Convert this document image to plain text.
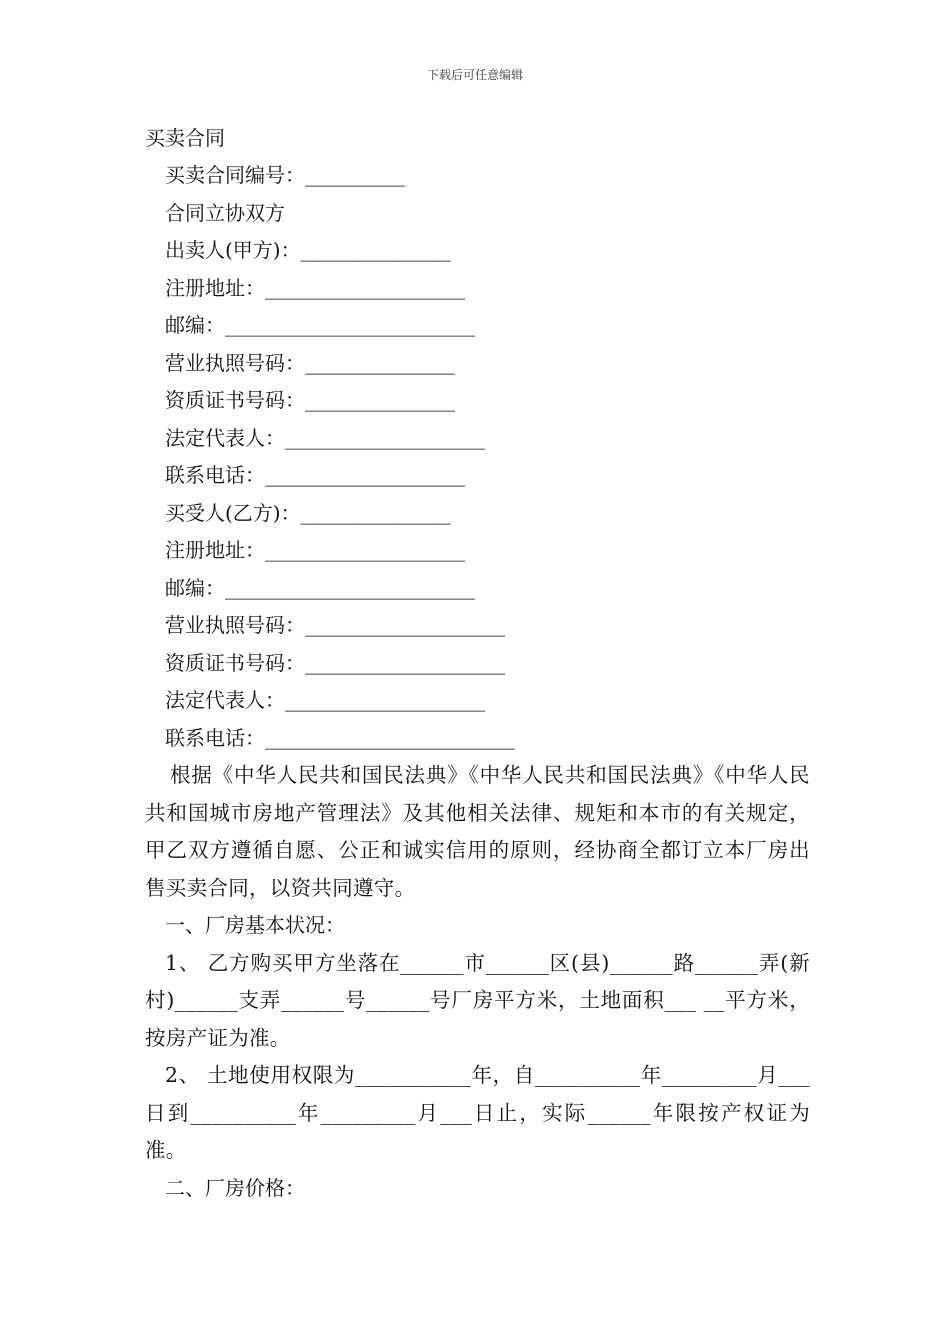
下载后可任意编辑
买卖合同
买卖合同编号：__________
合同立协双方
出卖人(甲方)：_______________
注册地址：____________________
邮编：_________________________
营业执照号码：_______________
资质证书号码：_______________
法定代表人：____________________
联系电话：____________________
买受人(乙方)：_______________
注册地址：____________________
邮编：_________________________
营业执照号码：____________________
资质证书号码：____________________
法定代表人：____________________
联系电话：_________________________

根据《中华人民共和国民法典》《中华人民共和国民法典》《中华人民共和国城市房地产管理法》及其他相关法律、规矩和本市的有关规定，甲乙双方遵循自愿、公正和诚实信用的原则，经协商全都订立本厂房出售买卖合同，以资共同遵守。

一、厂房基本状况：

1、 乙方购买甲方坐落在______市______区(县)______路______弄(新村)______支弄______号______号厂房平方米，土地面积___ __平方米，按房产证为准。

2、 土地使用权限为___________年，自__________年_________月___日到__________年_________月___日止，实际______年限按产权证为准。

二、厂房价格：
